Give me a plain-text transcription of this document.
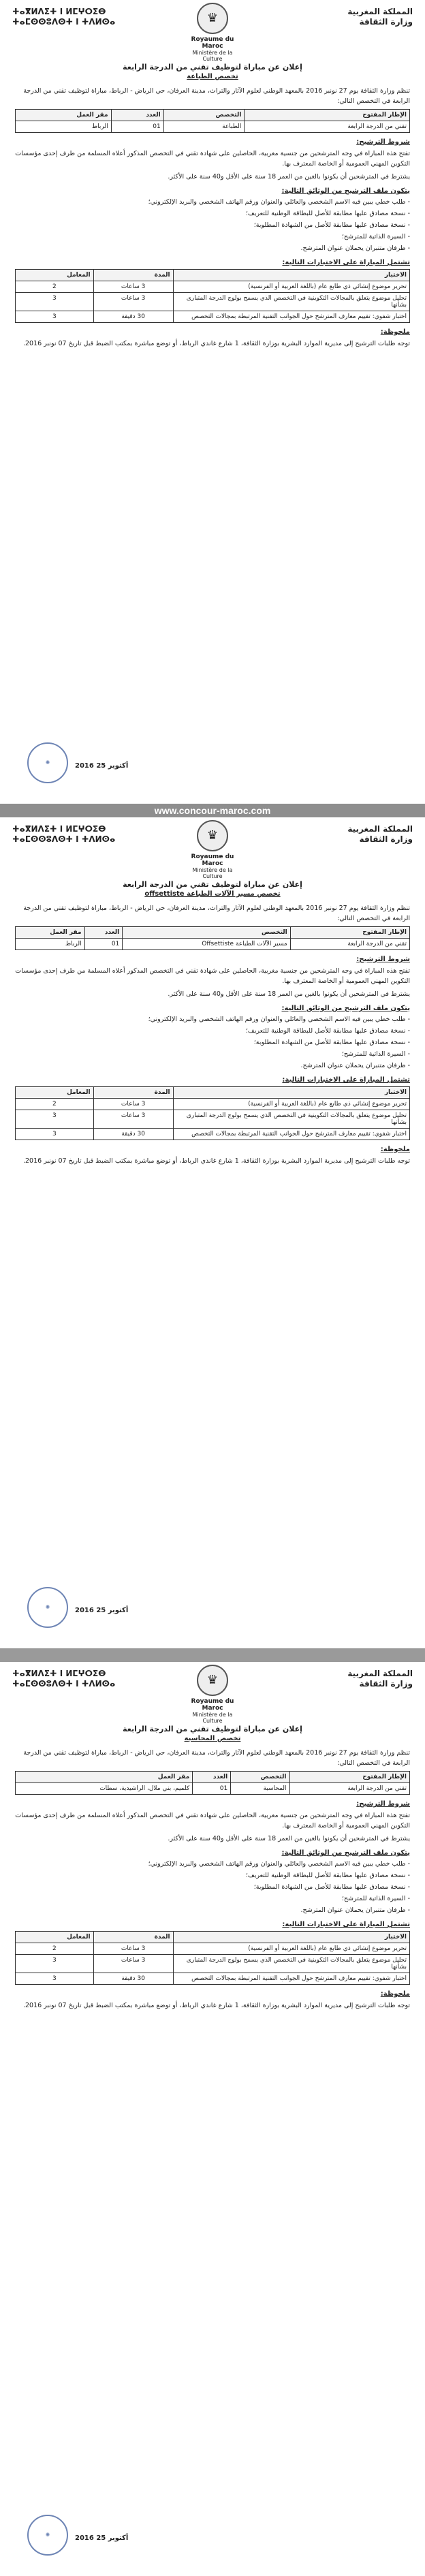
ⵜⴰⴳⵍⴷⵉⵜ ⵏ ⵍⵎⵖⵔⵉⴱ
ⵜⴰⵎⵙⵙⵓⴷⵙⵜ ⵏ ⵜⴷⵍⵙⴰ
المملكة المغربية
وزارة الثقافة
♛
Royaume du Maroc
Ministère de la Culture
إعلان عن مباراة لتوظيف تقني من الدرجة الرابعة
تخصص الطباعة
تنظم وزارة الثقافة يوم 27 نونبر 2016 بالمعهد الوطني لعلوم الآثار والتراث، مدينة العرفان، حي الرياض - الرباط، مباراة لتوظيف تقني من الدرجة الرابعة في التخصص التالي:
الإطار المفتوح	التخصص	العدد	مقر العمل
تقني من الدرجة الرابعة	الطباعة	01	الرباط
شروط الترشيح:
تفتح هذه المباراة في وجه المترشحين من جنسية مغربية، الحاصلين على شهادة تقني في التخصص المذكور أعلاه المسلمة من طرف إحدى مؤسسات التكوين المهني العمومية أو الخاصة المعترف بها.
يشترط في المترشحين أن يكونوا بالغين من العمر 18 سنة على الأقل و40 سنة على الأكثر.
يتكون ملف الترشيح من الوثائق التالية:
- طلب خطي يبين فيه الاسم الشخصي والعائلي والعنوان ورقم الهاتف الشخصي والبريد الإلكتروني؛
- نسخة مصادق عليها مطابقة للأصل للبطاقة الوطنية للتعريف؛
- نسخة مصادق عليها مطابقة للأصل من الشهادة المطلوبة؛
- السيرة الذاتية للمترشح؛
- ظرفان متنبران يحملان عنوان المترشح.
تشتمل المباراة على الاختبارات التالية:
الاختبار	المدة	المعامل
تحرير موضوع إنشائي ذي طابع عام (باللغة العربية أو الفرنسية)	3 ساعات	2
تحليل موضوع يتعلق بالمجالات التكوينية في التخصص الذي يسمح بولوج الدرجة المتبارى بشأنها	3 ساعات	3
اختبار شفوي: تقييم معارف المترشح حول الجوانب التقنية المرتبطة بمجالات التخصص	30 دقيقة	3
ملحوظة:
توجه طلبات الترشيح إلى مديرية الموارد البشرية بوزارة الثقافة، 1 شارع غاندي الرباط، أو توضع مباشرة بمكتب الضبط قبل تاريخ 07 نونبر 2016.
✺	2016 أكتوبر 25
ⵜⴰⴳⵍⴷⵉⵜ ⵏ ⵍⵎⵖⵔⵉⴱ
ⵜⴰⵎⵙⵙⵓⴷⵙⵜ ⵏ ⵜⴷⵍⵙⴰ
المملكة المغربية
وزارة الثقافة
♛
Royaume du Maroc
Ministère de la Culture
إعلان عن مباراة لتوظيف تقني من الدرجة الرابعة
تخصص مسير الآلات الطباعة offsettiste
تنظم وزارة الثقافة يوم 27 نونبر 2016 بالمعهد الوطني لعلوم الآثار والتراث، مدينة العرفان، حي الرياض - الرباط، مباراة لتوظيف تقني من الدرجة الرابعة في التخصص التالي:
الإطار المفتوح	التخصص	العدد	مقر العمل
تقني من الدرجة الرابعة	مسير الآلات الطباعة Offsettiste	01	الرباط
شروط الترشيح:
تفتح هذه المباراة في وجه المترشحين من جنسية مغربية، الحاصلين على شهادة تقني في التخصص المذكور أعلاه المسلمة من طرف إحدى مؤسسات التكوين المهني العمومية أو الخاصة المعترف بها.
يشترط في المترشحين أن يكونوا بالغين من العمر 18 سنة على الأقل و40 سنة على الأكثر.
يتكون ملف الترشيح من الوثائق التالية:
- طلب خطي يبين فيه الاسم الشخصي والعائلي والعنوان ورقم الهاتف الشخصي والبريد الإلكتروني؛
- نسخة مصادق عليها مطابقة للأصل للبطاقة الوطنية للتعريف؛
- نسخة مصادق عليها مطابقة للأصل من الشهادة المطلوبة؛
- السيرة الذاتية للمترشح؛
- ظرفان متنبران يحملان عنوان المترشح.
تشتمل المباراة على الاختبارات التالية:
الاختبار	المدة	المعامل
تحرير موضوع إنشائي ذي طابع عام (باللغة العربية أو الفرنسية)	3 ساعات	2
تحليل موضوع يتعلق بالمجالات التكوينية في التخصص الذي يسمح بولوج الدرجة المتبارى بشأنها	3 ساعات	3
اختبار شفوي: تقييم معارف المترشح حول الجوانب التقنية المرتبطة بمجالات التخصص	30 دقيقة	3
ملحوظة:
توجه طلبات الترشيح إلى مديرية الموارد البشرية بوزارة الثقافة، 1 شارع غاندي الرباط، أو توضع مباشرة بمكتب الضبط قبل تاريخ 07 نونبر 2016.
✺	2016 أكتوبر 25
ⵜⴰⴳⵍⴷⵉⵜ ⵏ ⵍⵎⵖⵔⵉⴱ
ⵜⴰⵎⵙⵙⵓⴷⵙⵜ ⵏ ⵜⴷⵍⵙⴰ
المملكة المغربية
وزارة الثقافة
♛
Royaume du Maroc
Ministère de la Culture
إعلان عن مباراة لتوظيف تقني من الدرجة الرابعة
تخصص المحاسبة
تنظم وزارة الثقافة يوم 27 نونبر 2016 بالمعهد الوطني لعلوم الآثار والتراث، مدينة العرفان، حي الرياض - الرباط، مباراة لتوظيف تقني من الدرجة الرابعة في التخصص التالي:
الإطار المفتوح	التخصص	العدد	مقر العمل
تقني من الدرجة الرابعة	المحاسبة	01	كلميم، بني ملال، الراشيدية، سطات
شروط الترشيح:
تفتح هذه المباراة في وجه المترشحين من جنسية مغربية، الحاصلين على شهادة تقني في التخصص المذكور أعلاه المسلمة من طرف إحدى مؤسسات التكوين المهني العمومية أو الخاصة المعترف بها.
يشترط في المترشحين أن يكونوا بالغين من العمر 18 سنة على الأقل و40 سنة على الأكثر.
يتكون ملف الترشيح من الوثائق التالية:
- طلب خطي يبين فيه الاسم الشخصي والعائلي والعنوان ورقم الهاتف الشخصي والبريد الإلكتروني؛
- نسخة مصادق عليها مطابقة للأصل للبطاقة الوطنية للتعريف؛
- نسخة مصادق عليها مطابقة للأصل من الشهادة المطلوبة؛
- السيرة الذاتية للمترشح؛
- ظرفان متنبران يحملان عنوان المترشح.
تشتمل المباراة على الاختبارات التالية:
الاختبار	المدة	المعامل
تحرير موضوع إنشائي ذي طابع عام (باللغة العربية أو الفرنسية)	3 ساعات	2
تحليل موضوع يتعلق بالمجالات التكوينية في التخصص الذي يسمح بولوج الدرجة المتبارى بشأنها	3 ساعات	3
اختبار شفوي: تقييم معارف المترشح حول الجوانب التقنية المرتبطة بمجالات التخصص	30 دقيقة	3
ملحوظة:
توجه طلبات الترشيح إلى مديرية الموارد البشرية بوزارة الثقافة، 1 شارع غاندي الرباط، أو توضع مباشرة بمكتب الضبط قبل تاريخ 07 نونبر 2016.
✺	2016 أكتوبر 25
www.concour-maroc.com
